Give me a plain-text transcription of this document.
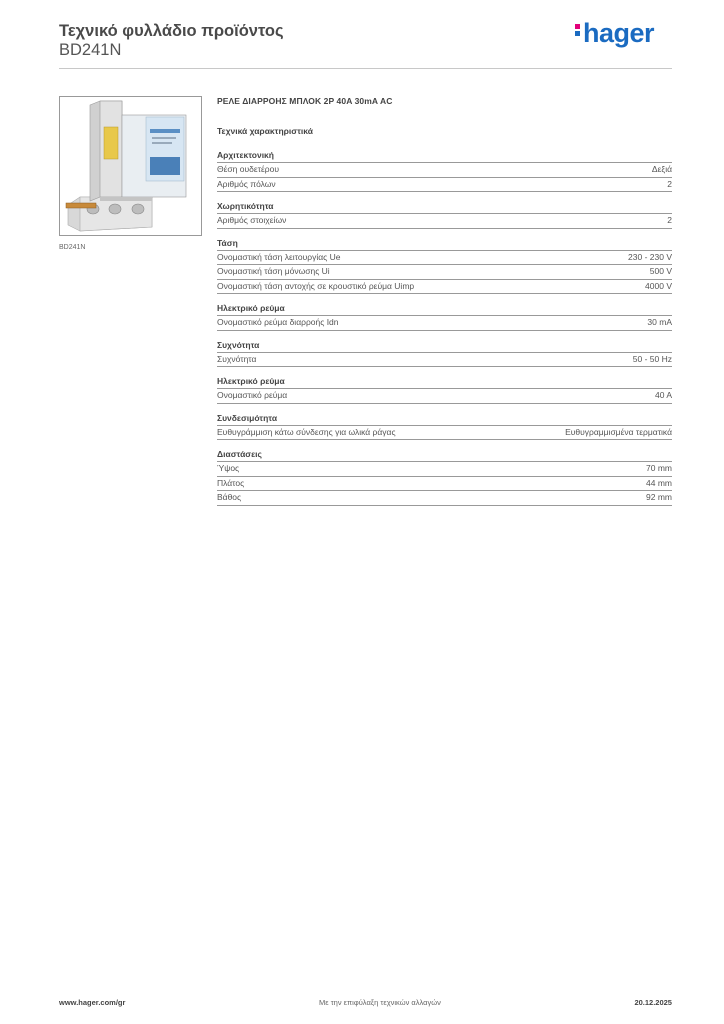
Τεχνικό φυλλάδιο προϊόντος
BD241N
hager
BD241N
ΡΕΛΕ ΔΙΑΡΡΟΗΣ ΜΠΛΟΚ 2P 40A 30mA AC
Τεχνικά χαρακτηριστικά
Αρχιτεκτονική
Θέση ουδετέρου	Δεξιά
Αριθμός πόλων	2
Χωρητικότητα
Αριθμός στοιχείων	2
Τάση
Ονομαστική τάση λειτουργίας Ue	230 - 230 V
Ονομαστική τάση μόνωσης Ui	500 V
Ονομαστική τάση αντοχής σε κρουστικό ρεύμα Uimp	4000 V
Ηλεκτρικό ρεύμα
Ονομαστικό ρεύμα διαρροής Idn	30 mA
Συχνότητα
Συχνότητα	50 - 50 Hz
Ηλεκτρικό ρεύμα
Ονομαστικό ρεύμα	40 A
Συνδεσιμότητα
Ευθυγράμμιση κάτω σύνδεσης για ωλικά ράγας	Ευθυγραμμισμένα τερματικά
Διαστάσεις
Ύψος	70 mm
Πλάτος	44 mm
Βάθος	92 mm
www.hager.com/gr	Με την επιφύλαξη τεχνικών αλλαγών	20.12.2025
